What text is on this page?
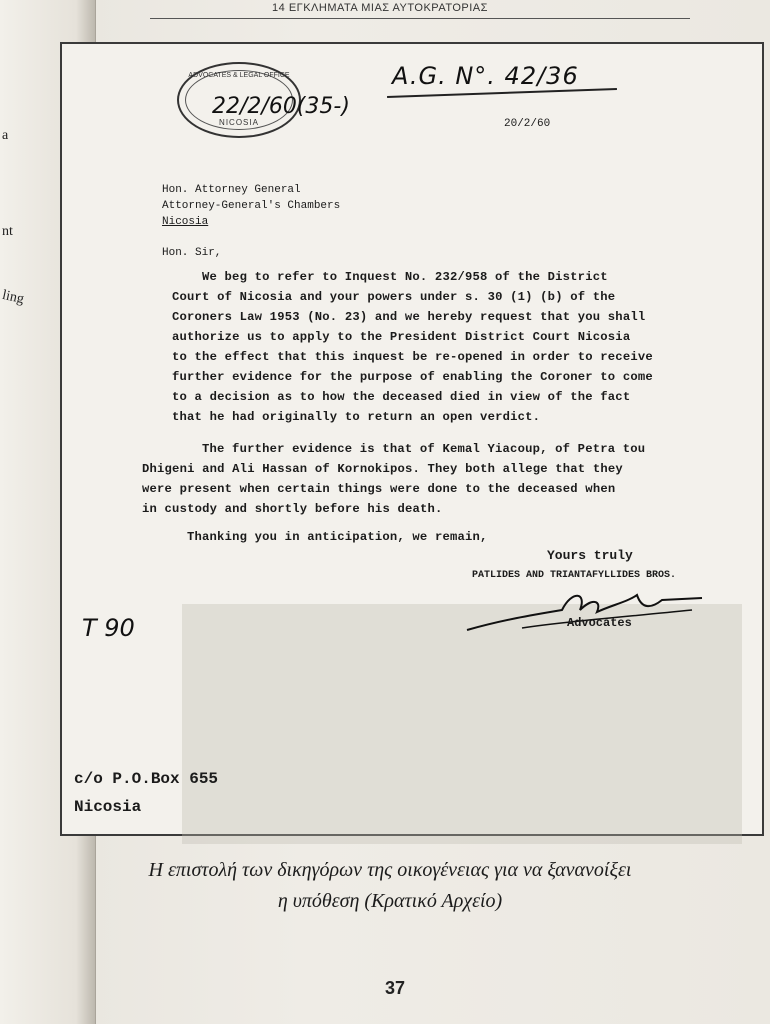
a
nt
ling
14 ΕΓΚΛΗΜΑΤΑ ΜΙΑΣ ΑΥΤΟΚΡΑΤΟΡΙΑΣ
ADVOCATES & LEGAL OFFICE
NICOSIA
22/2/60(35-)
A.G. N°. 42/36
20/2/60
Hon. Attorney General
Attorney-General's Chambers
Nicosia
Hon. Sir,
We beg to refer to Inquest No. 232/958 of the District
Court of Nicosia and your powers under s. 30 (1) (b) of the
Coroners Law 1953 (No. 23) and we hereby request that you shall
authorize us to apply to the President District Court Nicosia
to the effect that this inquest be re-opened in order to receive
further evidence for the purpose of enabling the Coroner to come
to a decision as to how the deceased died in view of the fact
that he had originally to return an open verdict.
The further evidence is that of Kemal Yiacoup, of Petra tou
Dhigeni and Ali Hassan of Kornokipos. They both allege that they
were present when certain things were done to the deceased when
in custody and shortly before his death.
Thanking you in anticipation, we remain,
Yours truly
PATLIDES AND TRIANTAFYLLIDES BROS.
Advocates
T 90
c/o P.O.Box 655
Nicosia
Η επιστολή των δικηγόρων της οικογένειας για να ξανανοίξει
η υπόθεση (Κρατικό Αρχείο)
37
